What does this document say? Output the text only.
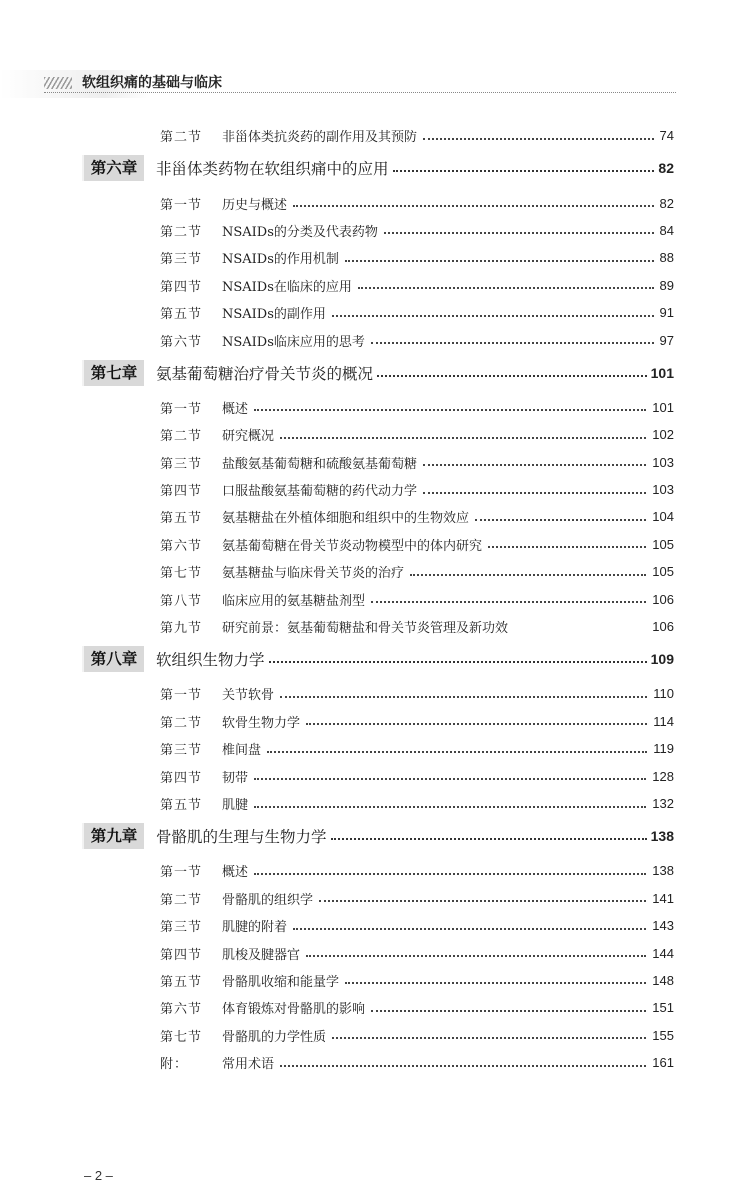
软组织痛的基础与临床
第二节	非甾体类抗炎药的副作用及其预防	74
第六章	非甾体类药物在软组织痛中的应用	82
第一节	历史与概述	82
第二节	NSAIDs的分类及代表药物	84
第三节	NSAIDs的作用机制	88
第四节	NSAIDs在临床的应用	89
第五节	NSAIDs的副作用	91
第六节	NSAIDs临床应用的思考	97
第七章	氨基葡萄糖治疗骨关节炎的概况	101
第一节	概述	101
第二节	研究概况	102
第三节	盐酸氨基葡萄糖和硫酸氨基葡萄糖	103
第四节	口服盐酸氨基葡萄糖的药代动力学	103
第五节	氨基糖盐在外植体细胞和组织中的生物效应	104
第六节	氨基葡萄糖在骨关节炎动物模型中的体内研究	105
第七节	氨基糖盐与临床骨关节炎的治疗	105
第八节	临床应用的氨基糖盐剂型	106
第九节	研究前景：氨基葡萄糖盐和骨关节炎管理及新功效	106
第八章	软组织生物力学	109
第一节	关节软骨	110
第二节	软骨生物力学	114
第三节	椎间盘	119
第四节	韧带	128
第五节	肌腱	132
第九章	骨骼肌的生理与生物力学	138
第一节	概述	138
第二节	骨骼肌的组织学	141
第三节	肌腱的附着	143
第四节	肌梭及腱器官	144
第五节	骨骼肌收缩和能量学	148
第六节	体育锻炼对骨骼肌的影响	151
第七节	骨骼肌的力学性质	155
附：	常用术语	161
– 2 –
